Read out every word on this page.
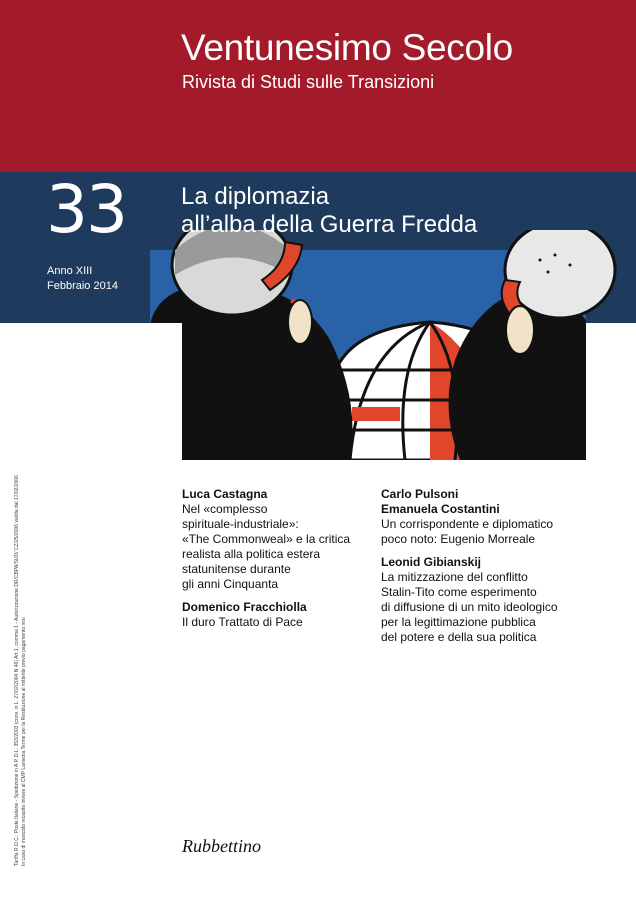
Ventunesimo Secolo
Rivista di Studi sulle Transizioni
33
Anno XIII
Febbraio 2014
La diplomazia
all’alba della Guerra Fredda
Luca Castagna
Nel «complesso
spirituale-industriale»:
«The Commonweal» e la critica
realista alla politica estera
statunitense durante
gli anni Cinquanta
Domenico Fracchiolla
Il duro Trattato di Pace
Carlo Pulsoni
Emanuela Costantini
Un corrispondente e diplomatico
poco noto: Eugenio Morreale
Leonid Gibianskij
La mitizzazione del conflitto
Stalin-Tito come esperimento
di diffusione di un mito ideologico
per la legittimazione pubblica
del potere e della sua politica
Tariffa R.O.C.: Poste Italiane - Spedizione in A.P. D.L. 353/2003 (conv. in L. 27/02/2004 N.46) Art.1, comma 1 - Autorizzazione DR/CBPA/SUD/ CZ/25/2006 valida dal 17/02/2006 In caso di mancato recapito inviare al CMP Lamezia Terme per la Restituzione al mittente previo pagamento resi	Rubbettino
